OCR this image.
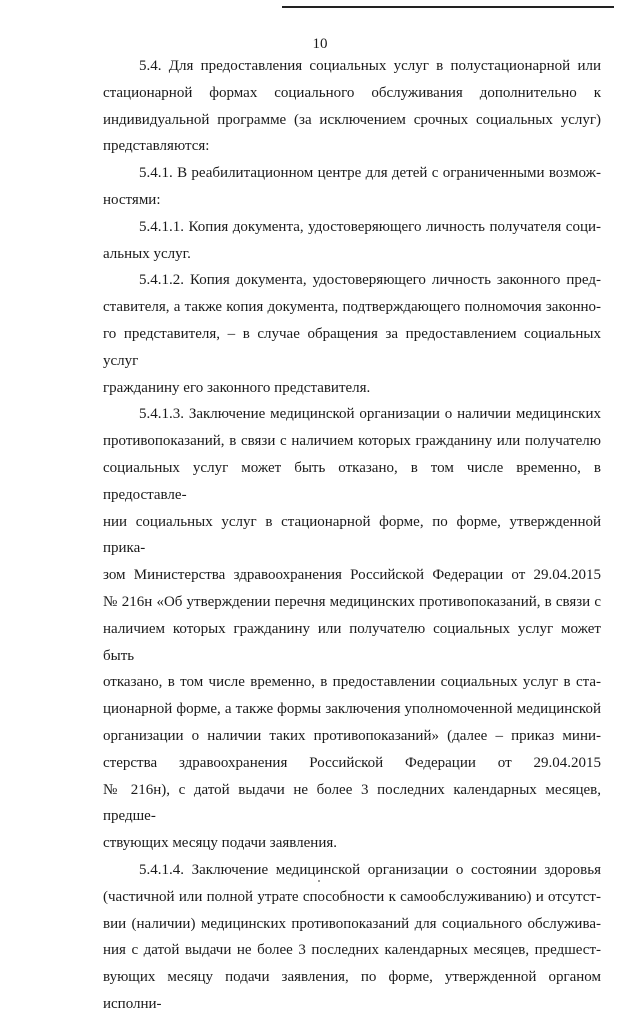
10
5.4. Для предоставления социальных услуг в полустационарной или
стационарной формах социального обслуживания дополнительно к
индивидуальной программе (за исключением срочных социальных услуг)
представляются:
5.4.1. В реабилитационном центре для детей с ограниченными возмож-
ностями:
5.4.1.1. Копия документа, удостоверяющего личность получателя соци-
альных услуг.
5.4.1.2. Копия документа, удостоверяющего личность законного пред-
ставителя, а также копия документа, подтверждающего полномочия законно-
го представителя, – в случае обращения за предоставлением социальных услуг
гражданину его законного представителя.
5.4.1.3. Заключение медицинской организации о наличии медицинских
противопоказаний, в связи с наличием которых гражданину или получателю
социальных услуг может быть отказано, в том числе временно, в предоставле-
нии социальных услуг в стационарной форме, по форме, утвержденной прика-
зом Министерства здравоохранения Российской Федерации от 29.04.2015
№ 216н «Об утверждении перечня медицинских противопоказаний, в связи с
наличием которых гражданину или получателю социальных услуг может быть
отказано, в том числе временно, в предоставлении социальных услуг в ста-
ционарной форме, а также формы заключения уполномоченной медицинской
организации о наличии таких противопоказаний» (далее – приказ мини-
стерства здравоохранения Российской Федерации от 29.04.2015
№ 216н), с датой выдачи не более 3 последних календарных месяцев, предше-
ствующих месяцу подачи заявления.
5.4.1.4. Заключение медицинской организации о состоянии здоровья
(частичной или полной утрате способности к самообслуживанию) и отсутст-
вии (наличии) медицинских противопоказаний для социального обслужива-
ния с датой выдачи не более 3 последних календарных месяцев, предшест-
вующих месяцу подачи заявления, по форме, утвержденной органом исполни-
